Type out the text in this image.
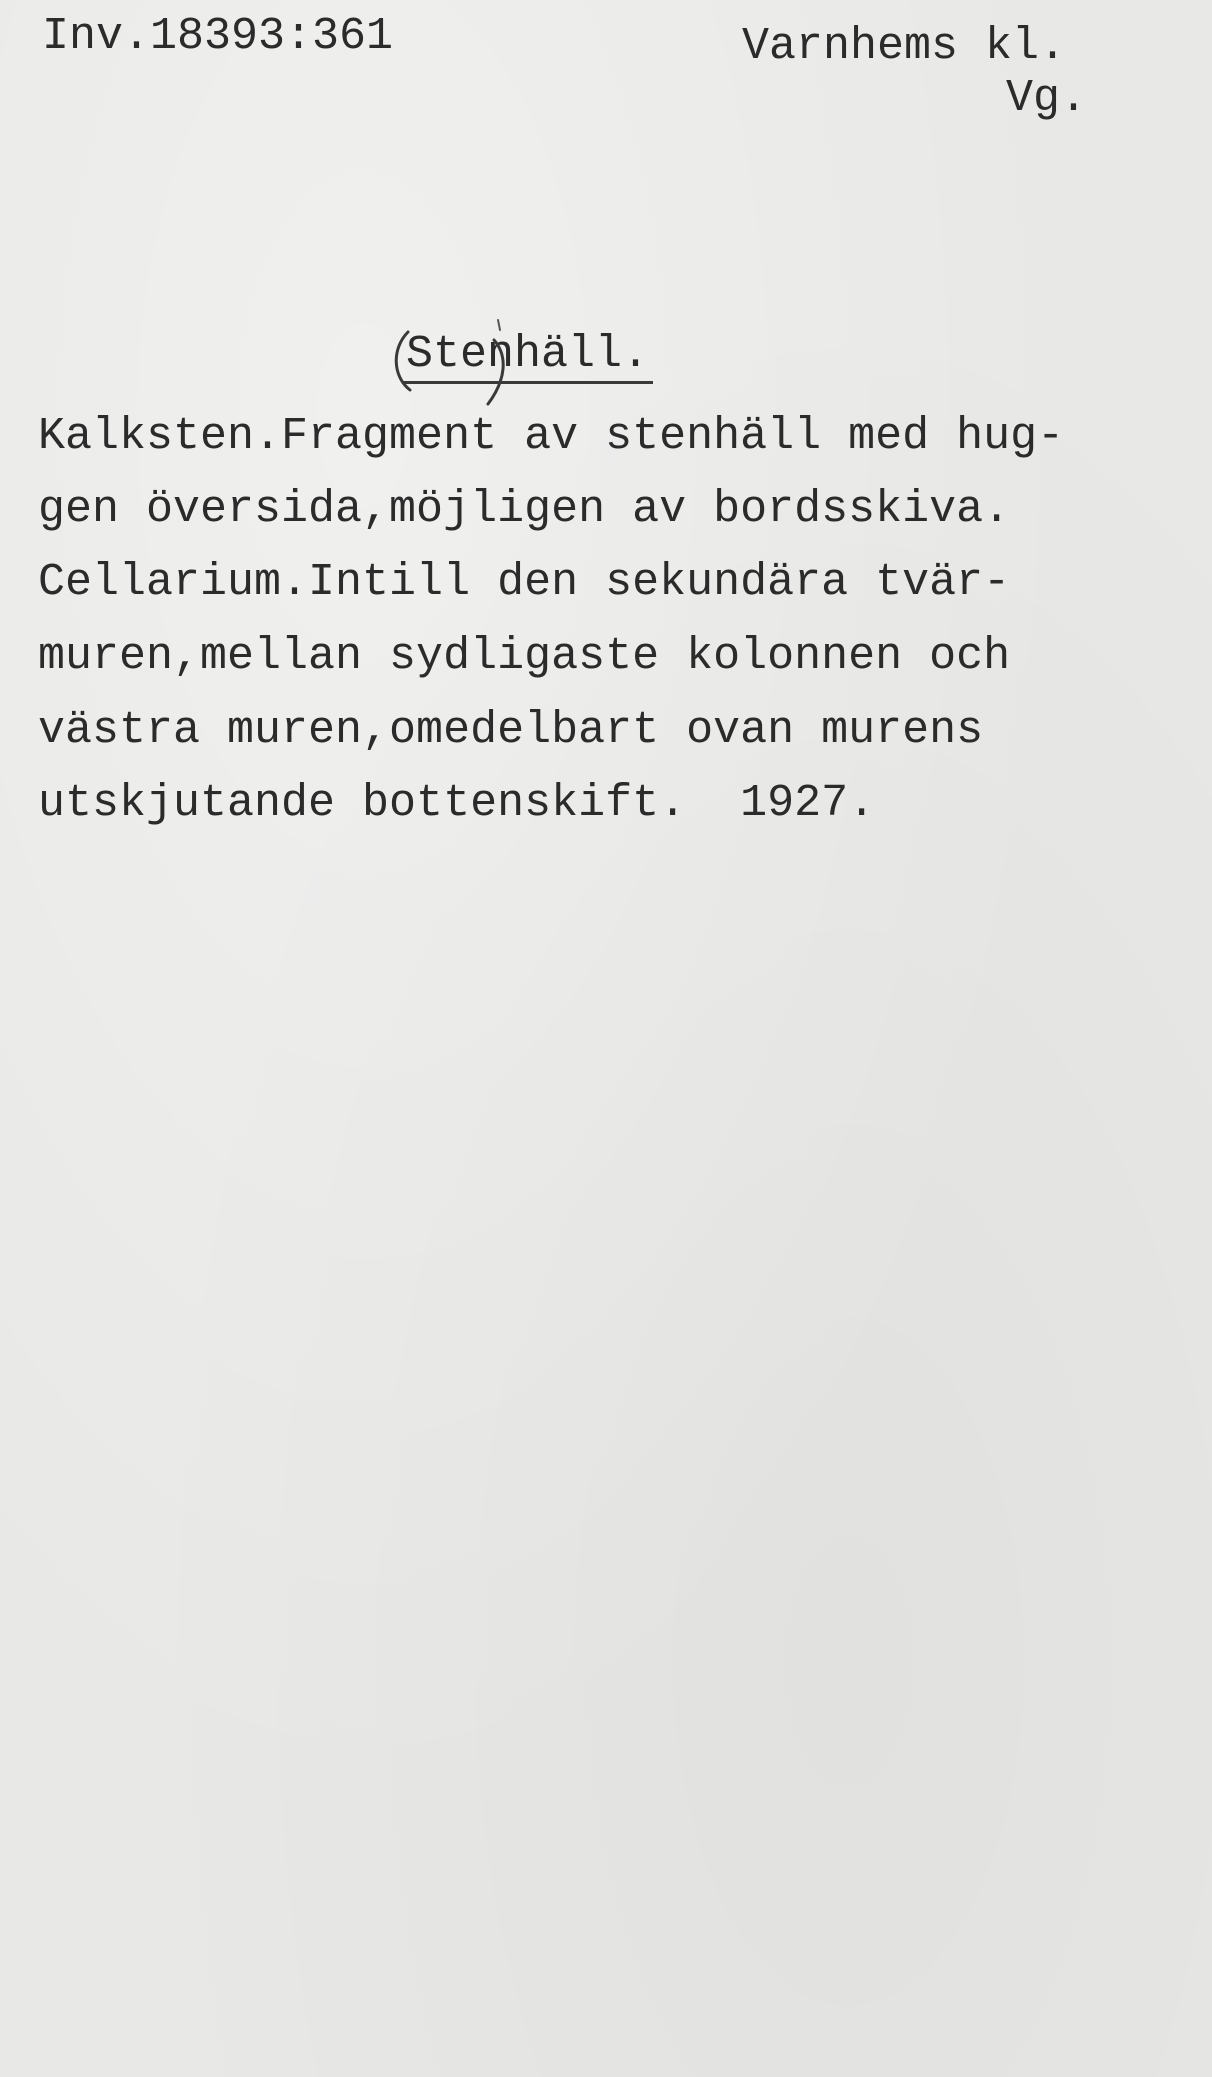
Inv.18393:361	Varnhems kl.
Vg.
Stenhäll.
Kalksten.Fragment av stenhäll med hug-
gen översida,möjligen av bordsskiva.
Cellarium.Intill den sekundära tvär-
muren,mellan sydligaste kolonnen och
västra muren,omedelbart ovan murens
utskjutande bottenskift.  1927.
